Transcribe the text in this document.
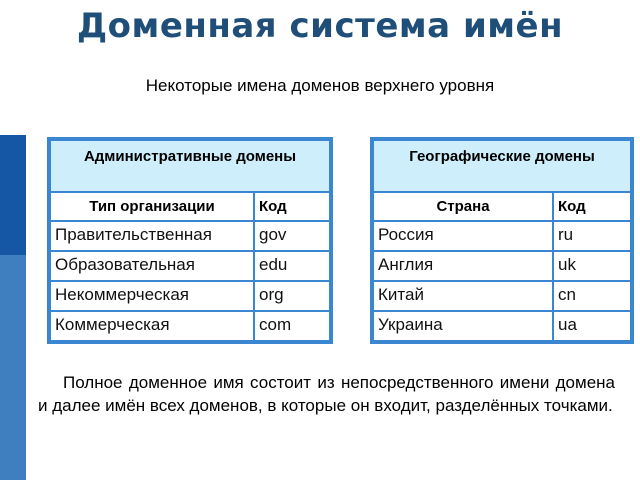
Доменная система имён
Некоторые имена доменов верхнего уровня
Административные домены	
Тип организации	Код
Правительственная	gov
Образовательная	edu
Некоммерческая	org
Коммерческая	com
Географические домены	
Страна	Код
Россия	ru
Англия	uk
Китай	cn
Украина	ua
Полное доменное имя состоит из непосредственного имени домена и далее имён всех доменов, в которые он входит, разделённых точками.
